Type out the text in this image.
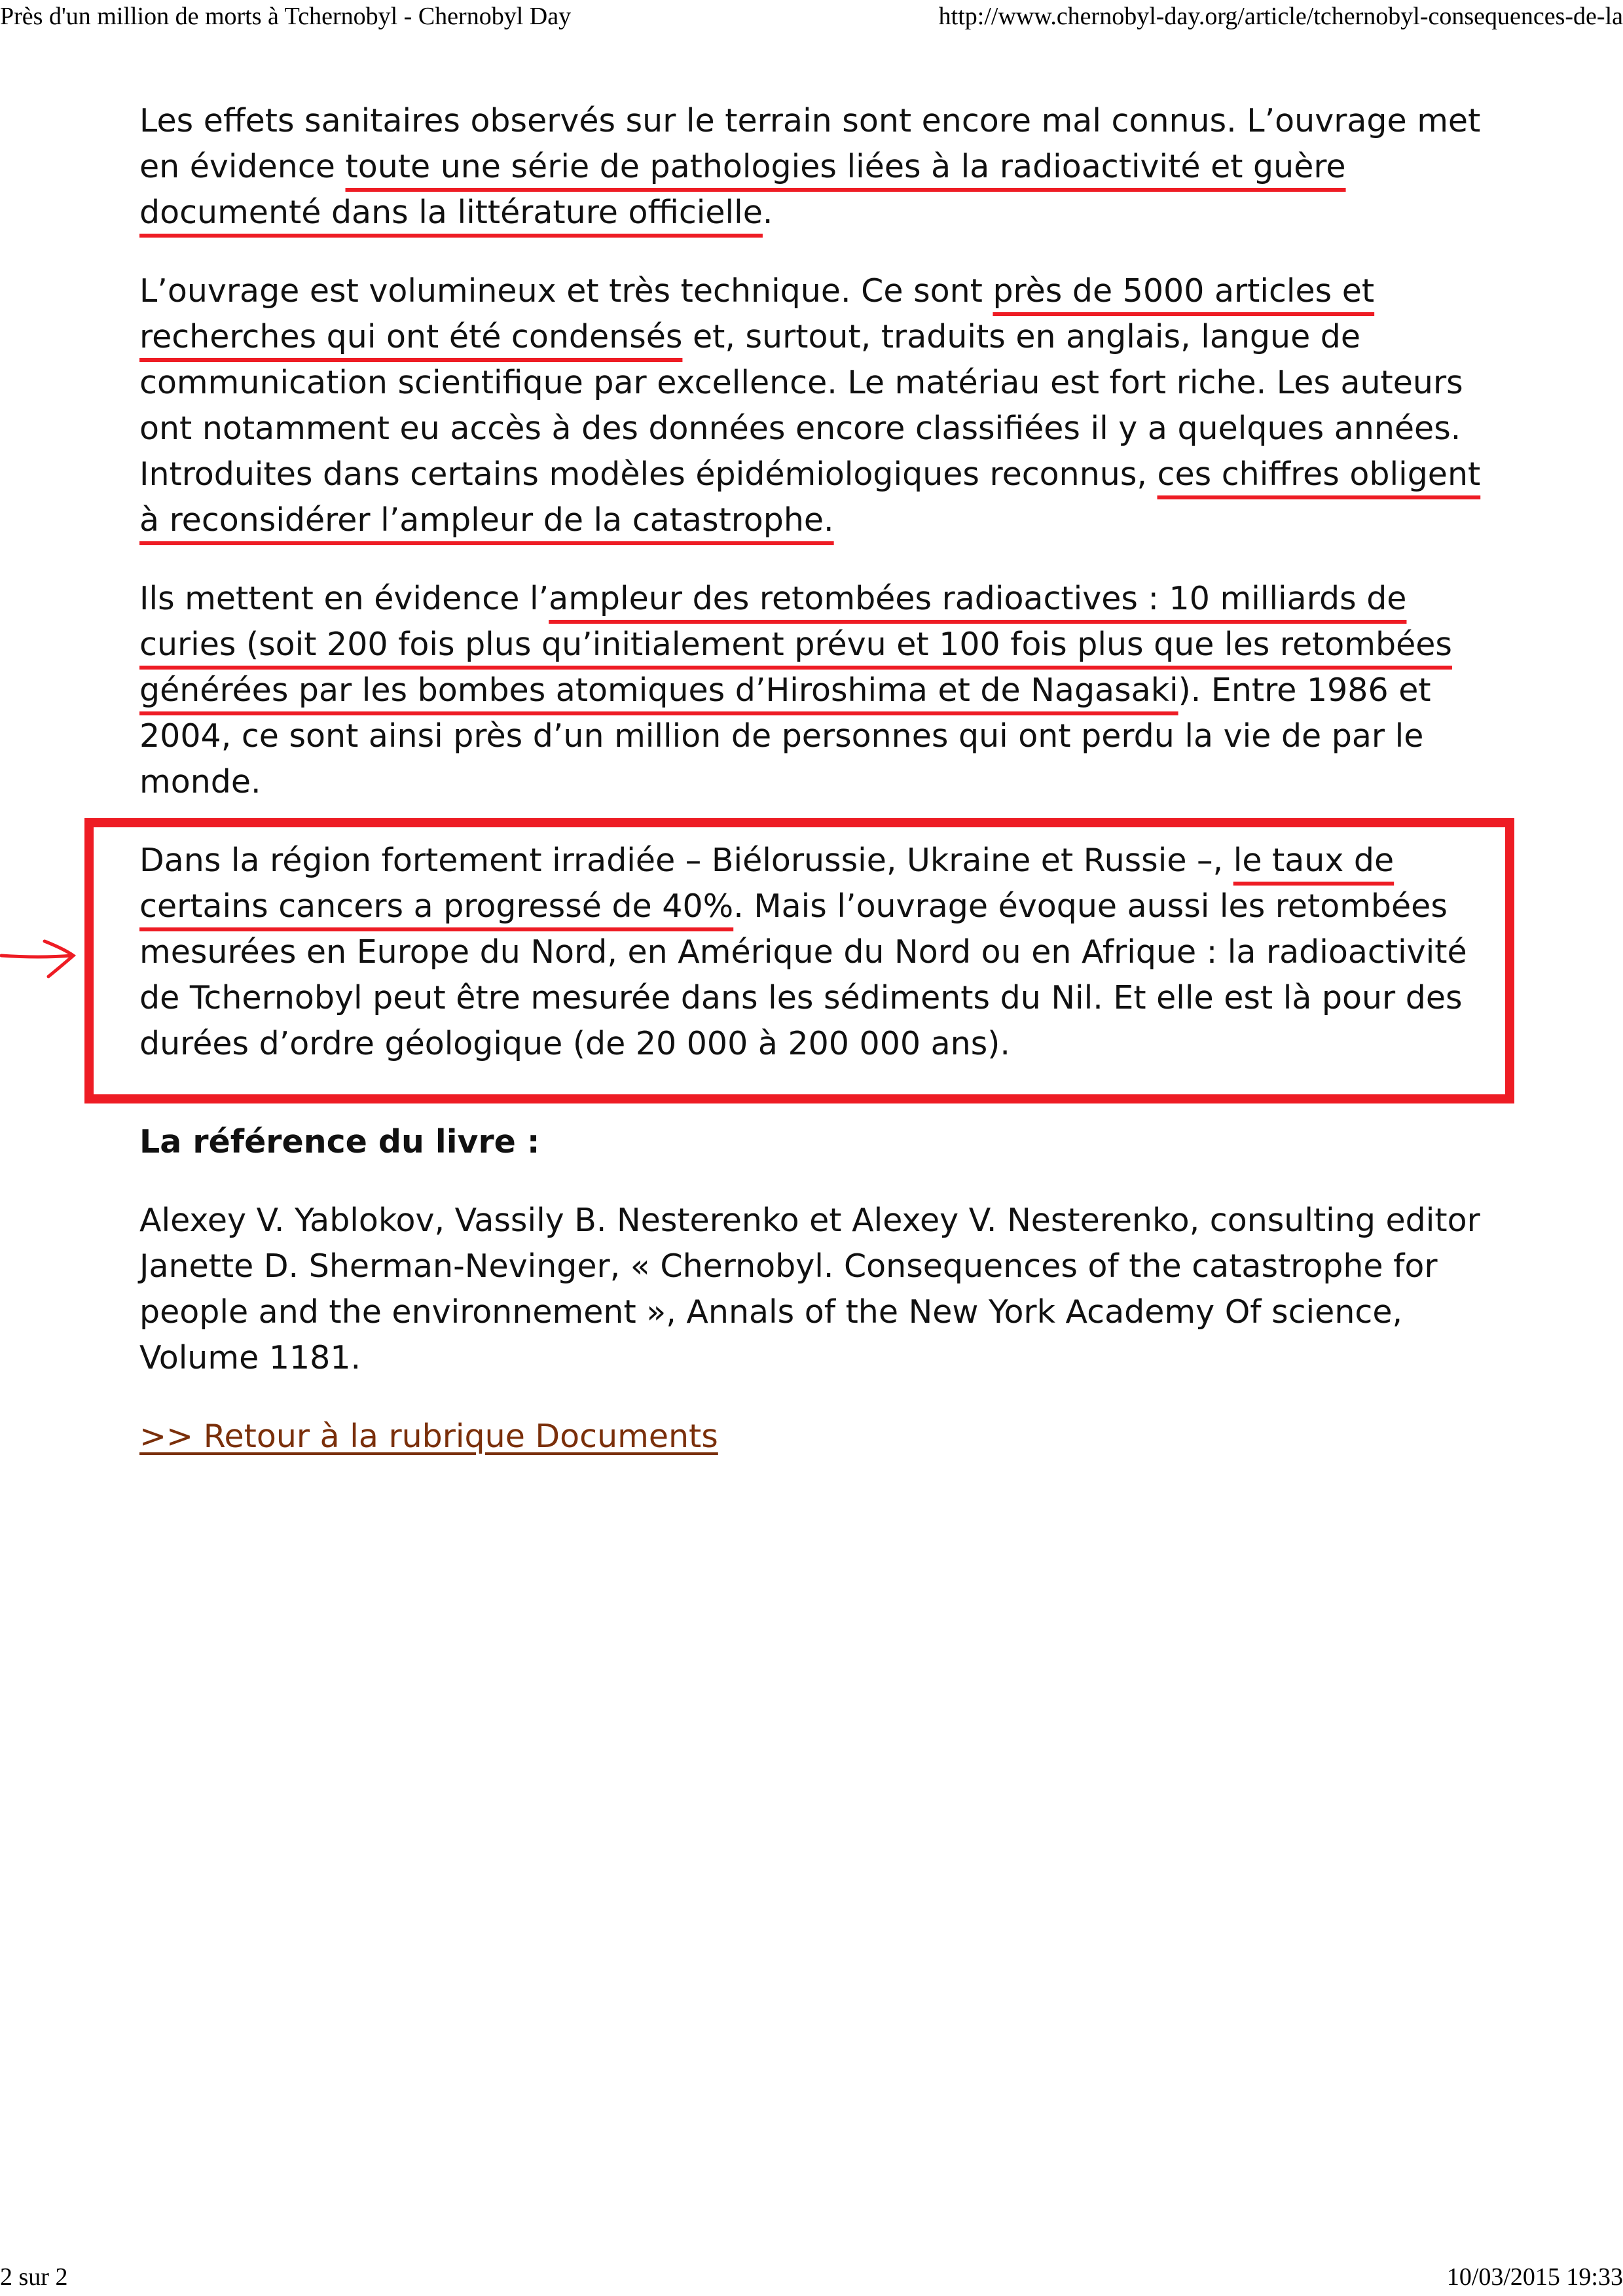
Près d'un million de morts à Tchernobyl - Chernobyl Day	http://www.chernobyl-day.org/article/tchernobyl-consequences-de-la

Les effets sanitaires observés sur le terrain sont encore mal connus. L’ouvrage met en évidence toute une série de pathologies liées à la radioactivité et guère documenté dans la littérature officielle.

L’ouvrage est volumineux et très technique. Ce sont près de 5000 articles et recherches qui ont été condensés et, surtout, traduits en anglais, langue de communication scientifique par excellence. Le matériau est fort riche. Les auteurs ont notamment eu accès à des données encore classifiées il y a quelques années. Introduites dans certains modèles épidémiologiques reconnus, ces chiffres obligent à reconsidérer l’ampleur de la catastrophe.

Ils mettent en évidence l’ampleur des retombées radioactives : 10 milliards de curies (soit 200 fois plus qu’initialement prévu et 100 fois plus que les retombées générées par les bombes atomiques d’Hiroshima et de Nagasaki). Entre 1986 et 2004, ce sont ainsi près d’un million de personnes qui ont perdu la vie de par le monde.

Dans la région fortement irradiée – Biélorussie, Ukraine et Russie –, le taux de certains cancers a progressé de 40%. Mais l’ouvrage évoque aussi les retombées mesurées en Europe du Nord, en Amérique du Nord ou en Afrique : la radioactivité de Tchernobyl peut être mesurée dans les sédiments du Nil. Et elle est là pour des durées d’ordre géologique (de 20 000 à 200 000 ans).

La référence du livre :

Alexey V. Yablokov, Vassily B. Nesterenko et Alexey V. Nesterenko, consulting editor Janette D. Sherman-Nevinger, « Chernobyl. Consequences of the catastrophe for people and the environnement », Annals of the New York Academy Of science, Volume 1181.

>> Retour à la rubrique Documents

2 sur 2	10/03/2015 19:33
